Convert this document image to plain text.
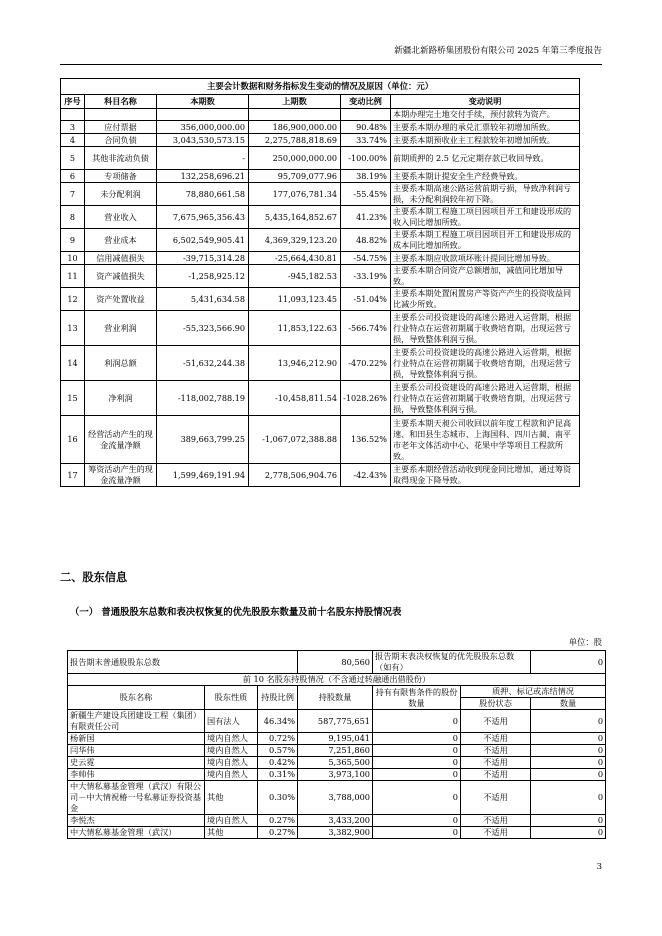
新疆北新路桥集团股份有限公司 2025 年第三季度报告
主要会计数据和财务指标发生变动的情况及原因（单位：元）					
序号	科目名称	本期数	上期数	变动比例	变动说明
					本期办理完土地交付手续，预付款转为资产。
3	应付票据	356,000,000.00	186,900,000.00	90.48%	主要系本期办理的承兑汇票较年初增加所致。
4	合同负债	3,043,530,573.15	2,275,788,818.69	33.74%	主要系本期预收业主工程款较年初增加所致。
5	其他非流动负债	-	250,000,000.00	-100.00%	前期质押的 2.5 亿元定期存款已收回导致。
6	专项储备	132,258,696.21	95,709,077.96	38.19%	主要系本期计提安全生产经费导致。
7	未分配利润	78,880,661.58	177,076,781.34	-55.45%	主要系本期高速公路运营前期亏损，导致净利润亏损，未分配利润较年初下降。
8	营业收入	7,675,965,356.43	5,435,164,852.67	41.23%	主要系本期工程施工项目因项目开工和建设形成的收入同比增加所致。
9	营业成本	6,502,549,905.41	4,369,329,123.20	48.82%	主要系本期工程施工项目因项目开工和建设形成的成本同比增加所致。
10	信用减值损失	-39,715,314.28	-25,664,430.81	-54.75%	主要系本期应收款项坏账计提同比增加导致。
11	资产减值损失	-1,258,925.12	-945,182.53	-33.19%	主要系本期合同资产总额增加，减值同比增加导致。
12	资产处置收益	5,431,634.58	11,093,123.45	-51.04%	主要系本期处置闲置房产等资产产生的投资收益同比减少所致。
13	营业利润	-55,323,566.90	11,853,122.63	-566.74%	主要系公司投资建设的高速公路进入运营期，根据行业特点在运营初期属于收费培育期，出现运营亏损，导致整体利润亏损。
14	利润总额	-51,632,244.38	13,946,212.90	-470.22%	主要系公司投资建设的高速公路进入运营期，根据行业特点在运营初期属于收费培育期，出现运营亏损，导致整体利润亏损。
15	净利润	-118,002,788.19	-10,458,811.54	-1028.26%	主要系公司投资建设的高速公路进入运营期，根据行业特点在运营初期属于收费培育期，出现运营亏损，导致整体利润亏损。
16	经营活动产生的现金流量净额	389,663,799.25	-1,067,072,388.88	136.52%	主要系本期天昶公司收回以前年度工程款和沪昆高速、和田县生态城市、上海国科、四川古蔺、南平市老年文体活动中心、花果中学等项目工程款所致。
17	筹资活动产生的现金流量净额	1,599,469,191.94	2,778,506,904.76	-42.43%	主要系本期经营活动收到现金同比增加，通过筹资取得现金下降导致。
二、股东信息
（一） 普通股股东总数和表决权恢复的优先股股东数量及前十名股东持股情况表
单位：股
报告期末普通股股东总数			80,560	报告期末表决权恢复的优先股股东总数（如有）		0
前 10 名股东持股情况（不含通过转融通出借股份）						
股东名称	股东性质	持股比例	持股数量	持有有限售条件的股份数量	质押、标记或冻结情况	
					股份状态	数量
新疆生产建设兵团建设工程（集团）有限责任公司	国有法人	46.34%	587,775,651	0	不适用	0
杨新国	境内自然人	0.72%	9,195,041	0	不适用	0
闫华伟	境内自然人	0.57%	7,251,860	0	不适用	0
史云霓	境内自然人	0.42%	5,365,500	0	不适用	0
李帅伟	境内自然人	0.31%	3,973,100	0	不适用	0
中大情私募基金管理（武汉）有限公司－中大情祝椿一号私募证券投资基金	其他	0.30%	3,788,000	0	不适用	0
李悦杰	境内自然人	0.27%	3,433,200	0	不适用	0
中大情私募基金管理（武汉）	其他	0.27%	3,382,900	0	不适用	0
3
